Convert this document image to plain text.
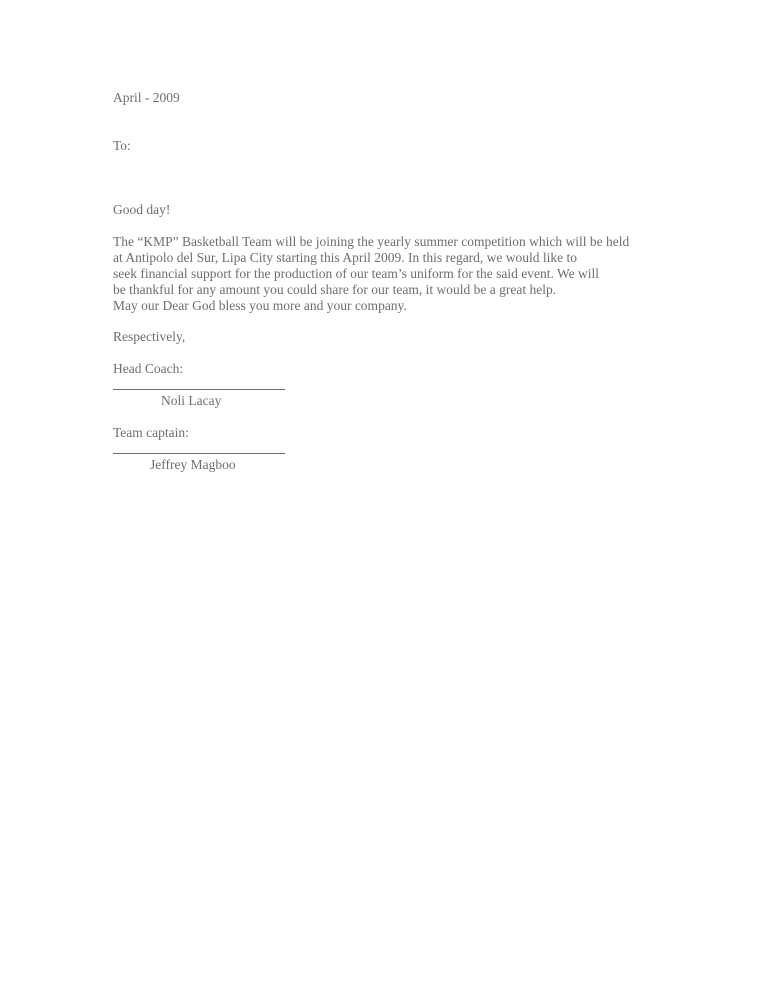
April - 2009
To:
Good day!
The “KMP” Basketball Team will be joining the yearly summer competition which will be held
at Antipolo del Sur, Lipa City starting this April 2009. In this regard, we would like to
seek financial support for the production of our team’s uniform for the said event. We will
be thankful for any amount you could share for our team, it would be a great help.
May our Dear God bless you more and your company.
Respectively,
Head Coach:
Noli Lacay
Team captain:
Jeffrey Magboo
